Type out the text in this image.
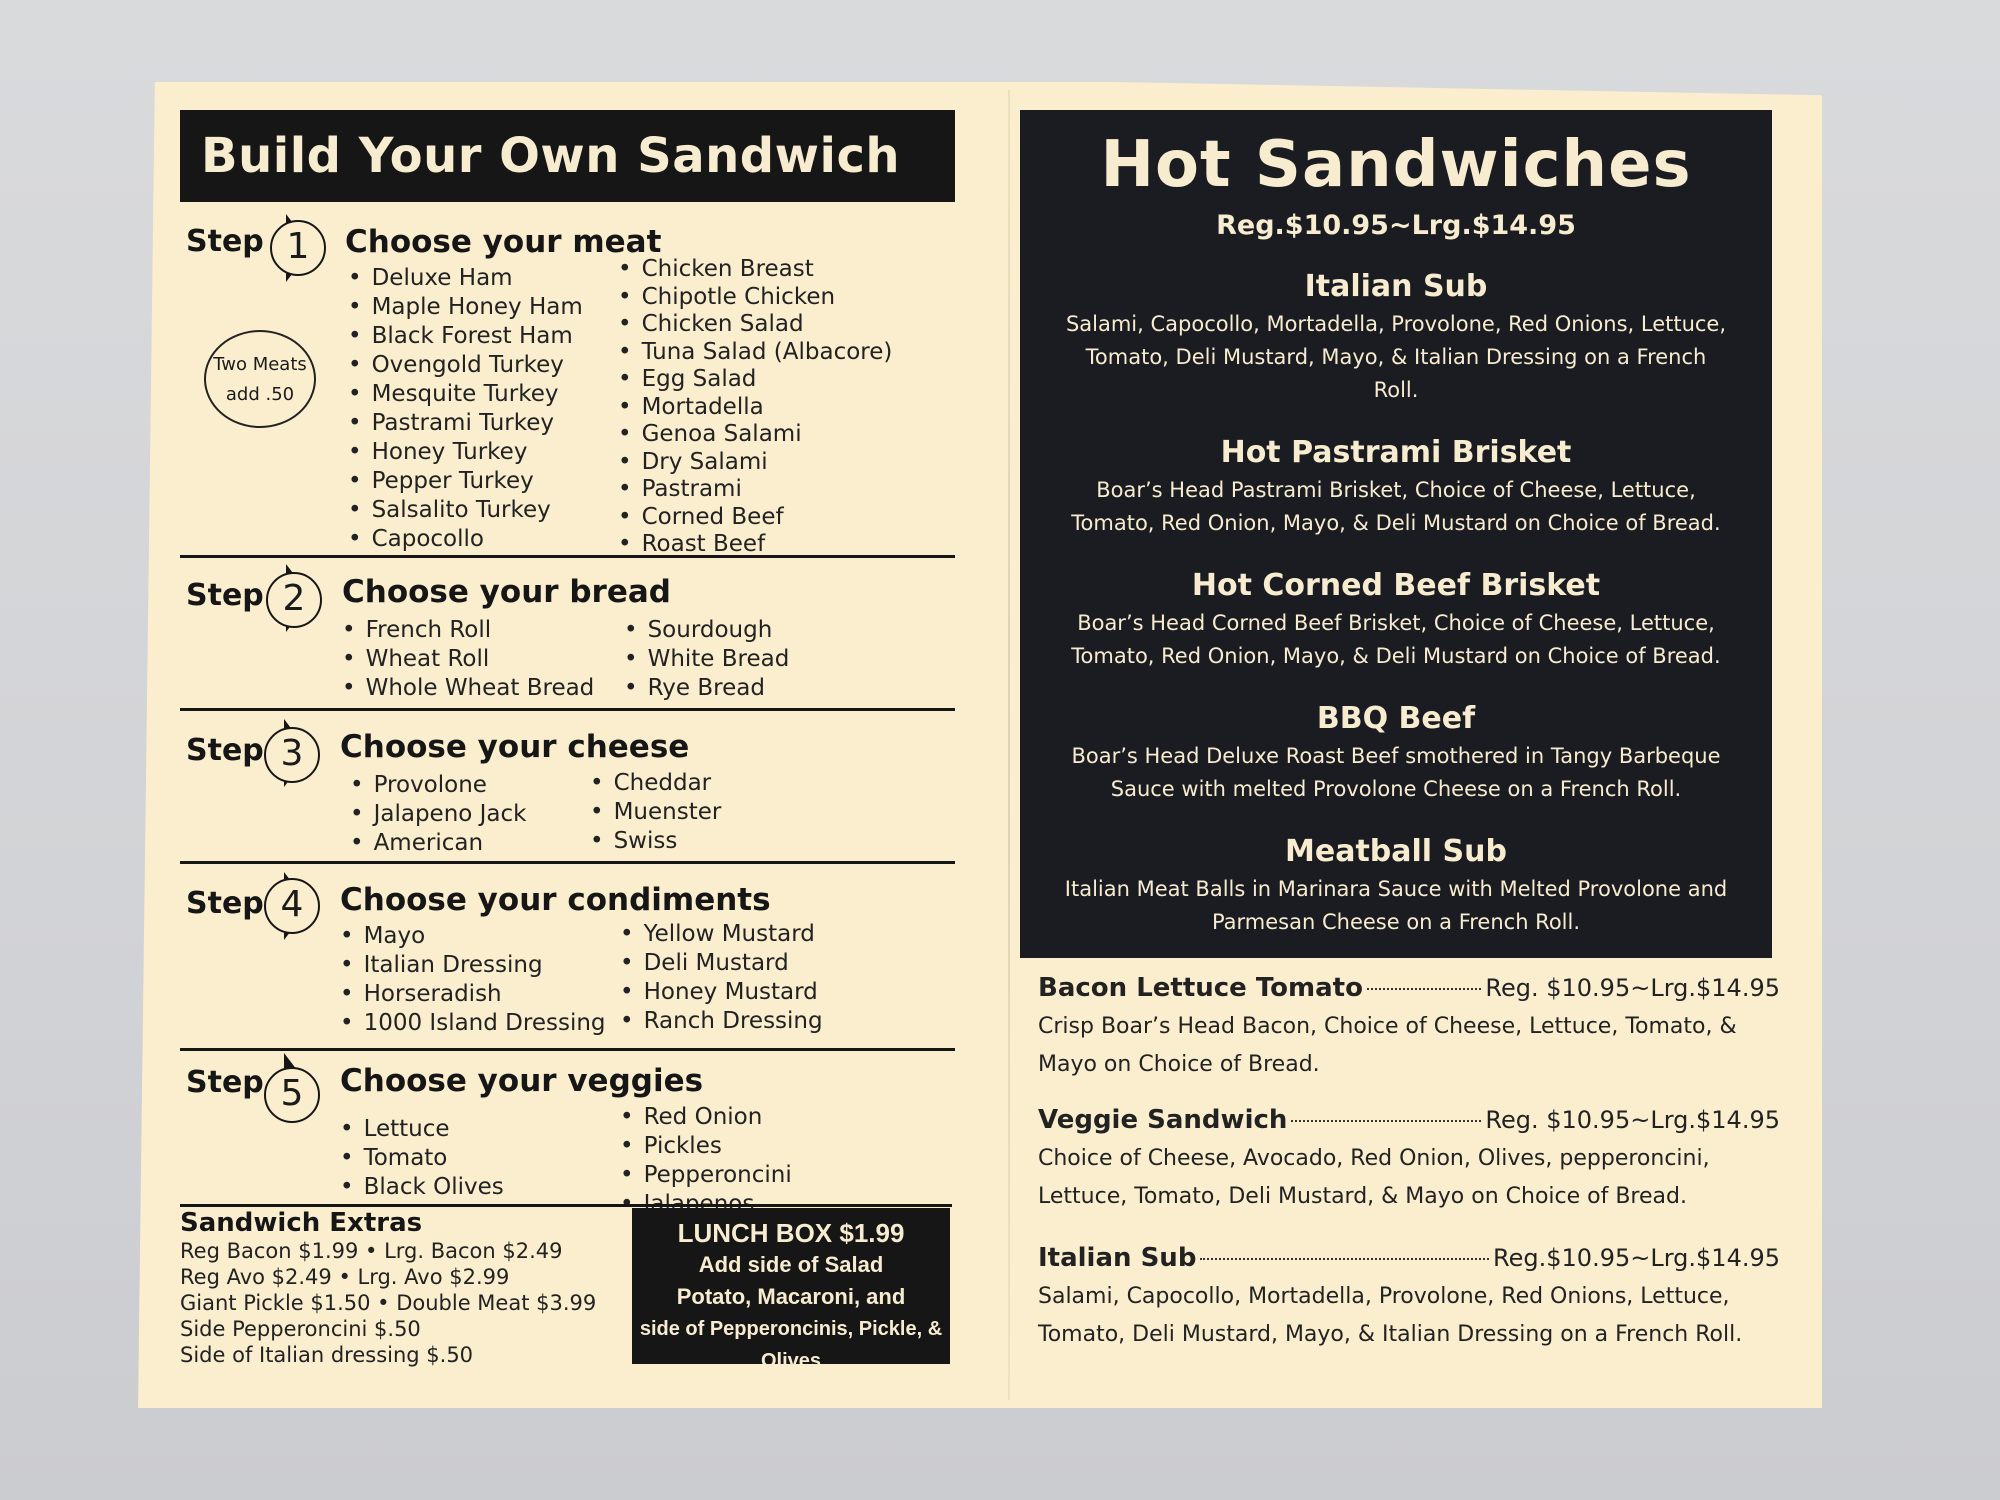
Build Your Own Sandwich
Step 1	Choose your meat
Two Meats
add .50
• Deluxe Ham
• Maple Honey Ham
• Black Forest Ham
• Ovengold Turkey
• Mesquite Turkey
• Pastrami Turkey
• Honey Turkey
• Pepper Turkey
• Salsalito Turkey
• Capocollo
• Chicken Breast
• Chipotle Chicken
• Chicken Salad
• Tuna Salad (Albacore)
• Egg Salad
• Mortadella
• Genoa Salami
• Dry Salami
• Pastrami
• Corned Beef
• Roast Beef
Step 2	Choose your bread
• French Roll
• Wheat Roll
• Whole Wheat Bread
• Sourdough
• White Bread
• Rye Bread
Step 3	Choose your cheese
• Provolone
• Jalapeno Jack
• American
• Cheddar
• Muenster
• Swiss
Step 4	Choose your condiments
• Mayo
• Italian Dressing
• Horseradish
• 1000 Island Dressing
• Yellow Mustard
• Deli Mustard
• Honey Mustard
• Ranch Dressing
Step 5	Choose your veggies
• Lettuce
• Tomato
• Black Olives
• Red Onion
• Pickles
• Pepperoncini
•
Sandwich Extras
Reg Bacon $1.99 • Lrg. Bacon $2.49
Reg Avo $2.49 • Lrg. Avo $2.99
Giant Pickle $1.50 • Double Meat $3.99
Side Pepperoncini $.50
Side of Italian dressing $.50
LUNCH BOX $1.99
Add side of Salad
Potato, Macaroni, and
side of Pepperoncinis, Pickle, & Olives
Hot Sandwiches
Reg.$10.95~Lrg.$14.95
Italian Sub
Salami, Capocollo, Mortadella, Provolone, Red Onions, Lettuce, Tomato, Deli Mustard, Mayo, & Italian Dressing on a French Roll.
Hot Pastrami Brisket
Boar’s Head Pastrami Brisket, Choice of Cheese, Lettuce, Tomato, Red Onion, Mayo, & Deli Mustard on Choice of Bread.
Hot Corned Beef Brisket
Boar’s Head Corned Beef Brisket, Choice of Cheese, Lettuce, Tomato, Red Onion, Mayo, & Deli Mustard on Choice of Bread.
BBQ Beef
Boar’s Head Deluxe Roast Beef smothered in Tangy Barbeque Sauce with melted Provolone Cheese on a French Roll.
Meatball Sub
Italian Meat Balls in Marinara Sauce with Melted Provolone and Parmesan Cheese on a French Roll.
Bacon Lettuce Tomato	Reg. $10.95~Lrg.$14.95
Crisp Boar’s Head Bacon, Choice of Cheese, Lettuce, Tomato, & Mayo on Choice of Bread.
Veggie Sandwich	Reg. $10.95~Lrg.$14.95
Choice of Cheese, Avocado, Red Onion, Olives, pepperoncini, Lettuce, Tomato, Deli Mustard, & Mayo on Choice of Bread.
Italian Sub	Reg.$10.95~Lrg.$14.95
Salami, Capocollo, Mortadella, Provolone, Red Onions, Lettuce, Tomato, Deli Mustard, Mayo, & Italian Dressing on a French Roll.
